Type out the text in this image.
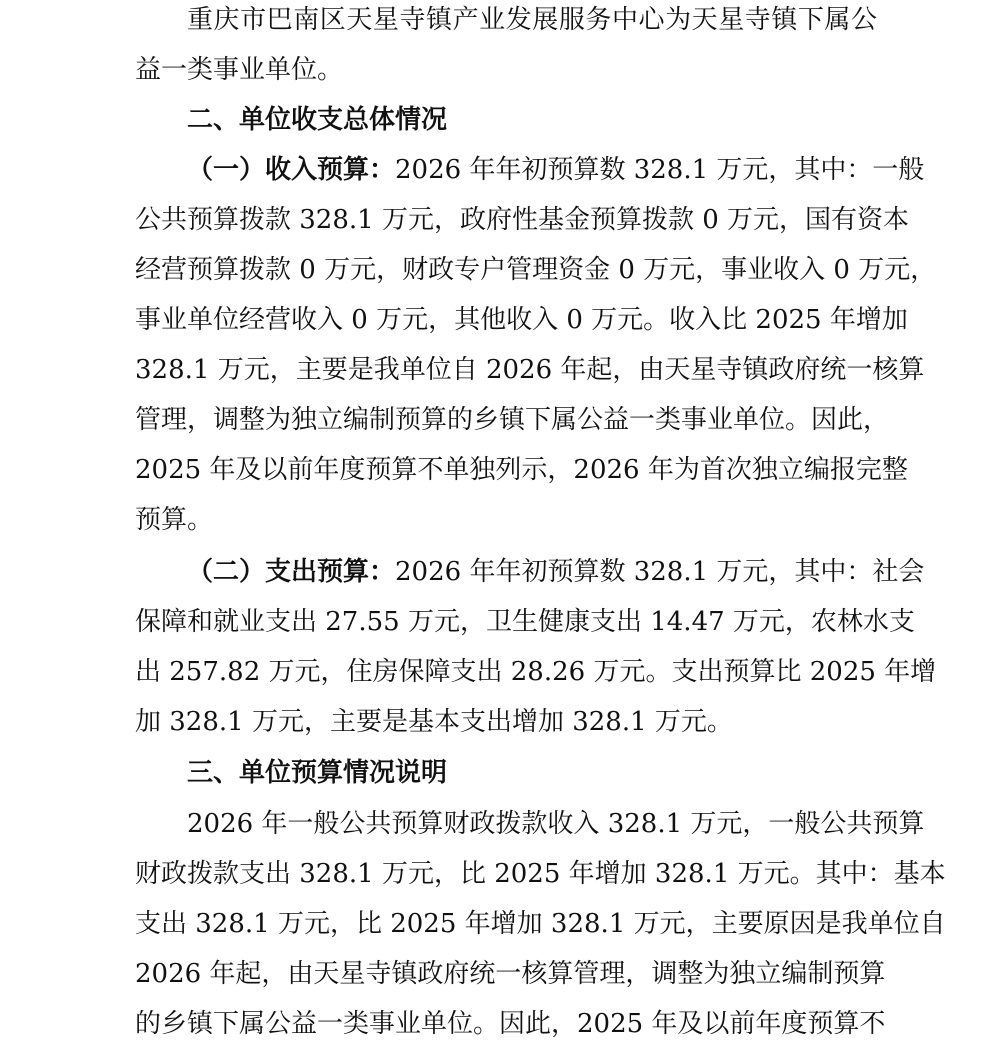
重庆市巴南区天星寺镇产业发展服务中心为天星寺镇下属公
益一类事业单位。
二、单位收支总体情况
（一）收入预算：2026 年年初预算数 328.1 万元，其中：一般
公共预算拨款 328.1 万元，政府性基金预算拨款 0 万元，国有资本
经营预算拨款 0 万元，财政专户管理资金 0 万元，事业收入 0 万元，
事业单位经营收入 0 万元，其他收入 0 万元。收入比 2025 年增加
328.1 万元，主要是我单位自 2026 年起，由天星寺镇政府统一核算
管理，调整为独立编制预算的乡镇下属公益一类事业单位。因此，
2025 年及以前年度预算不单独列示，2026 年为首次独立编报完整
预算。
（二）支出预算：2026 年年初预算数 328.1 万元，其中：社会
保障和就业支出 27.55 万元，卫生健康支出 14.47 万元，农林水支
出 257.82 万元，住房保障支出 28.26 万元。支出预算比 2025 年增
加 328.1 万元，主要是基本支出增加 328.1 万元。
三、单位预算情况说明
2026 年一般公共预算财政拨款收入 328.1 万元，一般公共预算
财政拨款支出 328.1 万元，比 2025 年增加 328.1 万元。其中：基本
支出 328.1 万元，比 2025 年增加 328.1 万元，主要原因是我单位自
2026 年起，由天星寺镇政府统一核算管理，调整为独立编制预算
的乡镇下属公益一类事业单位。因此，2025 年及以前年度预算不
